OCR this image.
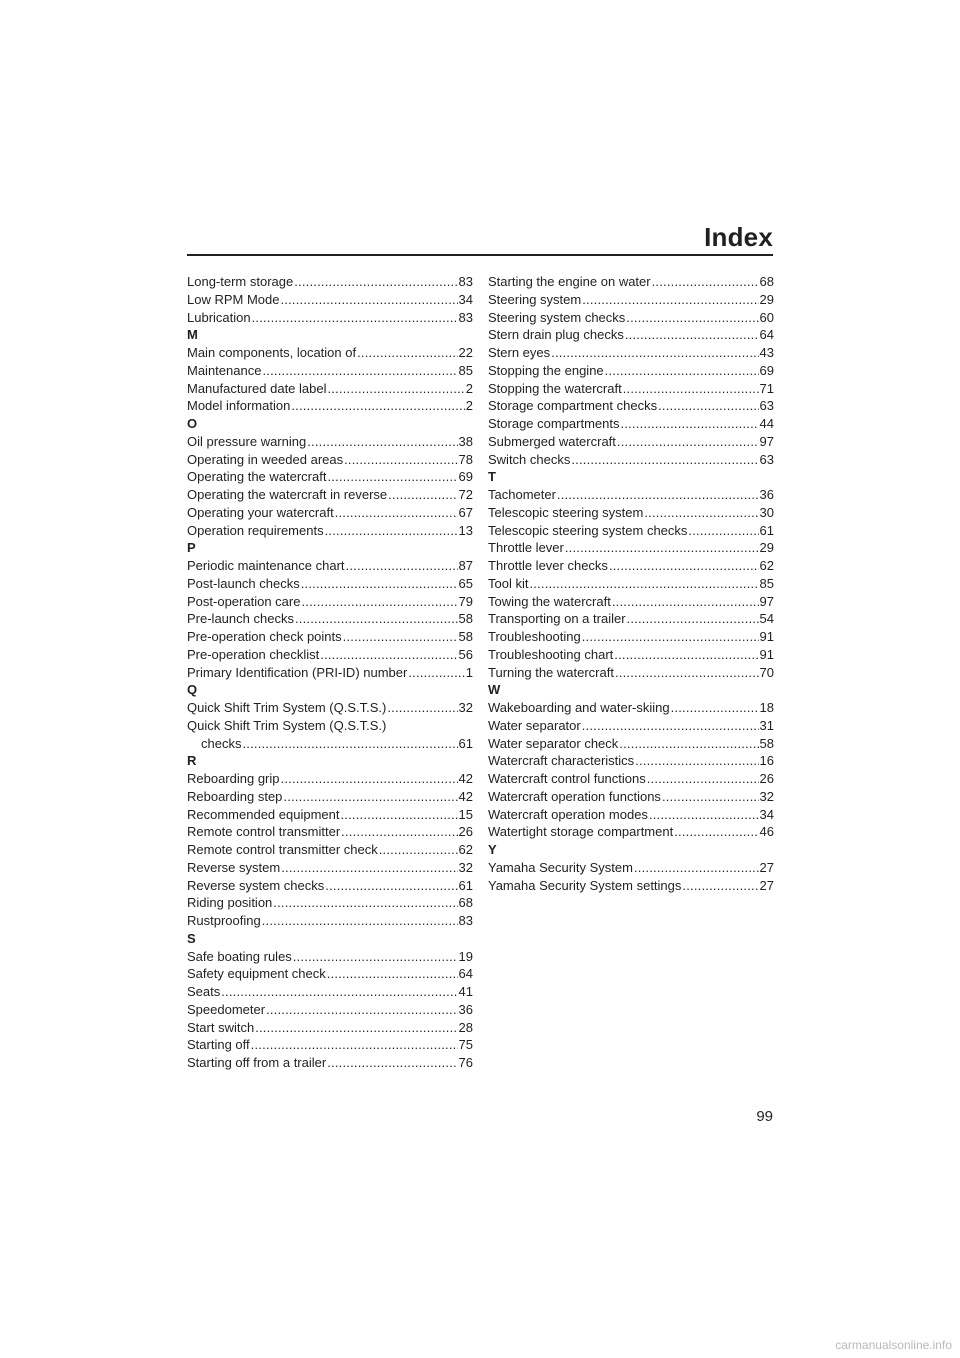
Index
Long-term storage .....	83
Low RPM Mode .....	34
Lubrication .....	83
M
Main components, location of .....	22
Maintenance .....	85
Manufactured date label .....	2
Model information .....	2
O
Oil pressure warning .....	38
Operating in weeded areas .....	78
Operating the watercraft .....	69
Operating the watercraft in reverse .....	72
Operating your watercraft .....	67
Operation requirements .....	13
P
Periodic maintenance chart .....	87
Post-launch checks .....	65
Post-operation care .....	79
Pre-launch checks .....	58
Pre-operation check points .....	58
Pre-operation checklist .....	56
Primary Identification (PRI-ID) number .....	1
Q
Quick Shift Trim System (Q.S.T.S.) .....	32
Quick Shift Trim System (Q.S.T.S.)
checks .....	61
R
Reboarding grip .....	42
Reboarding step .....	42
Recommended equipment .....	15
Remote control transmitter .....	26
Remote control transmitter check .....	62
Reverse system .....	32
Reverse system checks .....	61
Riding position .....	68
Rustproofing .....	83
S
Safe boating rules .....	19
Safety equipment check .....	64
Seats .....	41
Speedometer .....	36
Start switch .....	28
Starting off .....	75
Starting off from a trailer .....	76
Starting the engine on water .....	68
Steering system .....	29
Steering system checks .....	60
Stern drain plug checks .....	64
Stern eyes .....	43
Stopping the engine .....	69
Stopping the watercraft .....	71
Storage compartment checks .....	63
Storage compartments .....	44
Submerged watercraft .....	97
Switch checks .....	63
T
Tachometer .....	36
Telescopic steering system .....	30
Telescopic steering system checks .....	61
Throttle lever .....	29
Throttle lever checks .....	62
Tool kit .....	85
Towing the watercraft .....	97
Transporting on a trailer .....	54
Troubleshooting .....	91
Troubleshooting chart .....	91
Turning the watercraft .....	70
W
Wakeboarding and water-skiing .....	18
Water separator .....	31
Water separator check .....	58
Watercraft characteristics .....	16
Watercraft control functions .....	26
Watercraft operation functions .....	32
Watercraft operation modes .....	34
Watertight storage compartment .....	46
Y
Yamaha Security System .....	27
Yamaha Security System settings .....	27
99
carmanualsonline.info
